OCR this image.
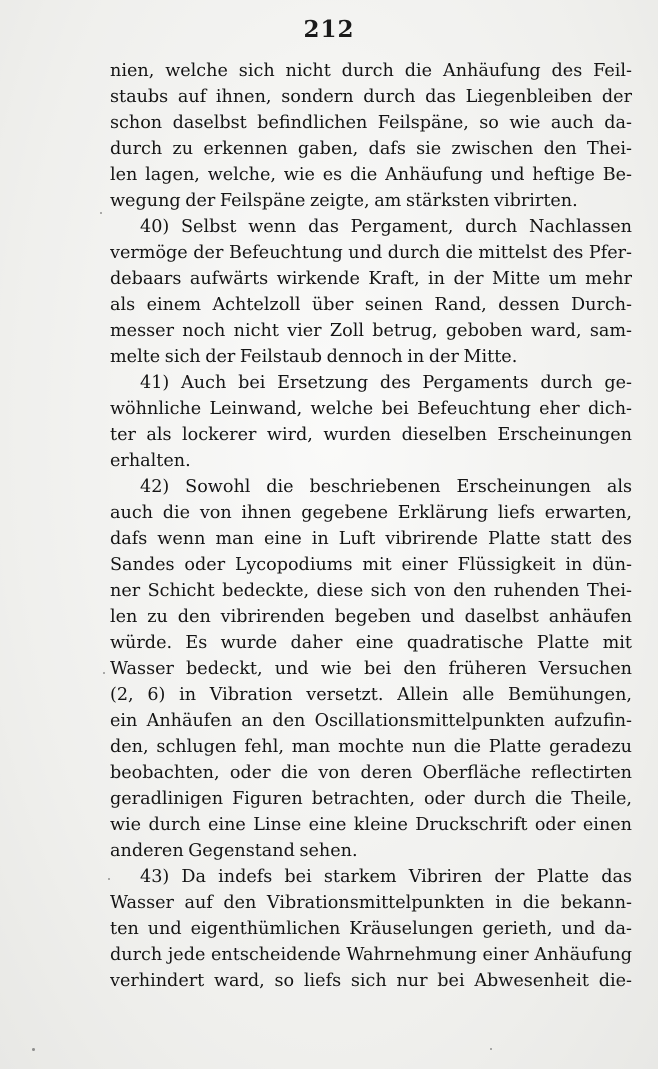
212
nien, welche sich nicht durch die Anhäufung des Feil-
staubs auf ihnen, sondern durch das Liegenbleiben der
schon daselbst befindlichen Feilspäne, so wie auch da-
durch zu erkennen gaben, dafs sie zwischen den Thei-
len lagen, welche, wie es die Anhäufung und heftige Be-
wegung der Feilspäne zeigte, am stärksten vibrirten.
40) Selbst wenn das Pergament, durch Nachlassen
vermöge der Befeuchtung und durch die mittelst des Pfer-
debaars aufwärts wirkende Kraft, in der Mitte um mehr
als einem Achtelzoll über seinen Rand, dessen Durch-
messer noch nicht vier Zoll betrug, geboben ward, sam-
melte sich der Feilstaub dennoch in der Mitte.
41) Auch bei Ersetzung des Pergaments durch ge-
wöhnliche Leinwand, welche bei Befeuchtung eher dich-
ter als lockerer wird, wurden dieselben Erscheinungen
erhalten.
42) Sowohl die beschriebenen Erscheinungen als
auch die von ihnen gegebene Erklärung liefs erwarten,
dafs wenn man eine in Luft vibrirende Platte statt des
Sandes oder Lycopodiums mit einer Flüssigkeit in dün-
ner Schicht bedeckte, diese sich von den ruhenden Thei-
len zu den vibrirenden begeben und daselbst anhäufen
würde. Es wurde daher eine quadratische Platte mit
Wasser bedeckt, und wie bei den früheren Versuchen
(2, 6) in Vibration versetzt. Allein alle Bemühungen,
ein Anhäufen an den Oscillationsmittelpunkten aufzufin-
den, schlugen fehl, man mochte nun die Platte geradezu
beobachten, oder die von deren Oberfläche reflectirten
geradlinigen Figuren betrachten, oder durch die Theile,
wie durch eine Linse eine kleine Druckschrift oder einen
anderen Gegenstand sehen.
43) Da indefs bei starkem Vibriren der Platte das
Wasser auf den Vibrationsmittelpunkten in die bekann-
ten und eigenthümlichen Kräuselungen gerieth, und da-
durch jede entscheidende Wahrnehmung einer Anhäufung
verhindert ward, so liefs sich nur bei Abwesenheit die-
